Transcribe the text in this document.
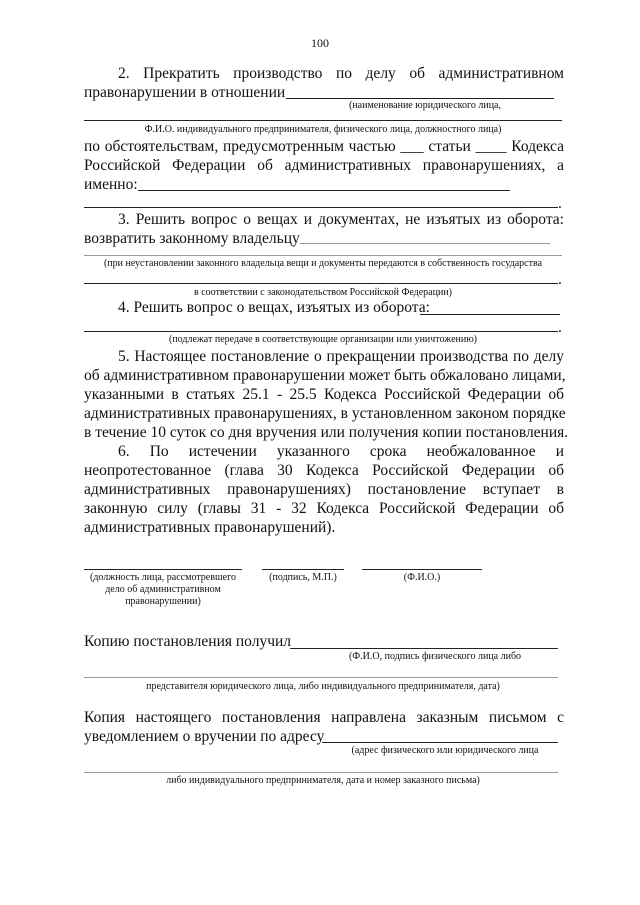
100
2. Прекратить производство по делу об административном
правонарушении в отношении
(наименование юридического лица,
Ф.И.О. индивидуального предпринимателя, физического лица, должностного лица)
по обстоятельствам, предусмотренным частью ___ статьи ____ Кодекса
Российской Федерации об административных правонарушениях, а
именно:
.
3. Решить вопрос о вещах и документах, не изъятых из оборота:
возвратить законному владельцу
(при неустановлении законного владельца вещи и документы передаются в собственность государства
.
в соответствии с законодательством Российской Федерации)
4. Решить вопрос о вещах, изъятых из оборота:
.
(подлежат передаче в соответствующие организации или уничтожению)
5. Настоящее постановление о прекращении производства по делу
об административном правонарушении может быть обжаловано лицами,
указанными в статьях 25.1 - 25.5 Кодекса Российской Федерации об
административных правонарушениях, в установленном законом порядке
в течение 10 суток со дня вручения или получения копии постановления.
6. По истечении указанного срока необжалованное и
неопротестованное (глава 30 Кодекса Российской Федерации об
административных правонарушениях) постановление вступает в
законную силу (главы 31 - 32 Кодекса Российской Федерации об
административных правонарушений).
(должность лица, рассмотревшего
дело об административном
правонарушении)
(подпись, М.П.)	(Ф.И.О.)
Копию постановления получил
(Ф.И.О, подпись физического лица либо
представителя юридического лица, либо индивидуального предпринимателя, дата)
Копия настоящего постановления направлена заказным письмом с
уведомлением о вручении по адресу
(адрес физического или юридического лица
либо индивидуального предпринимателя, дата и номер заказного письма)
